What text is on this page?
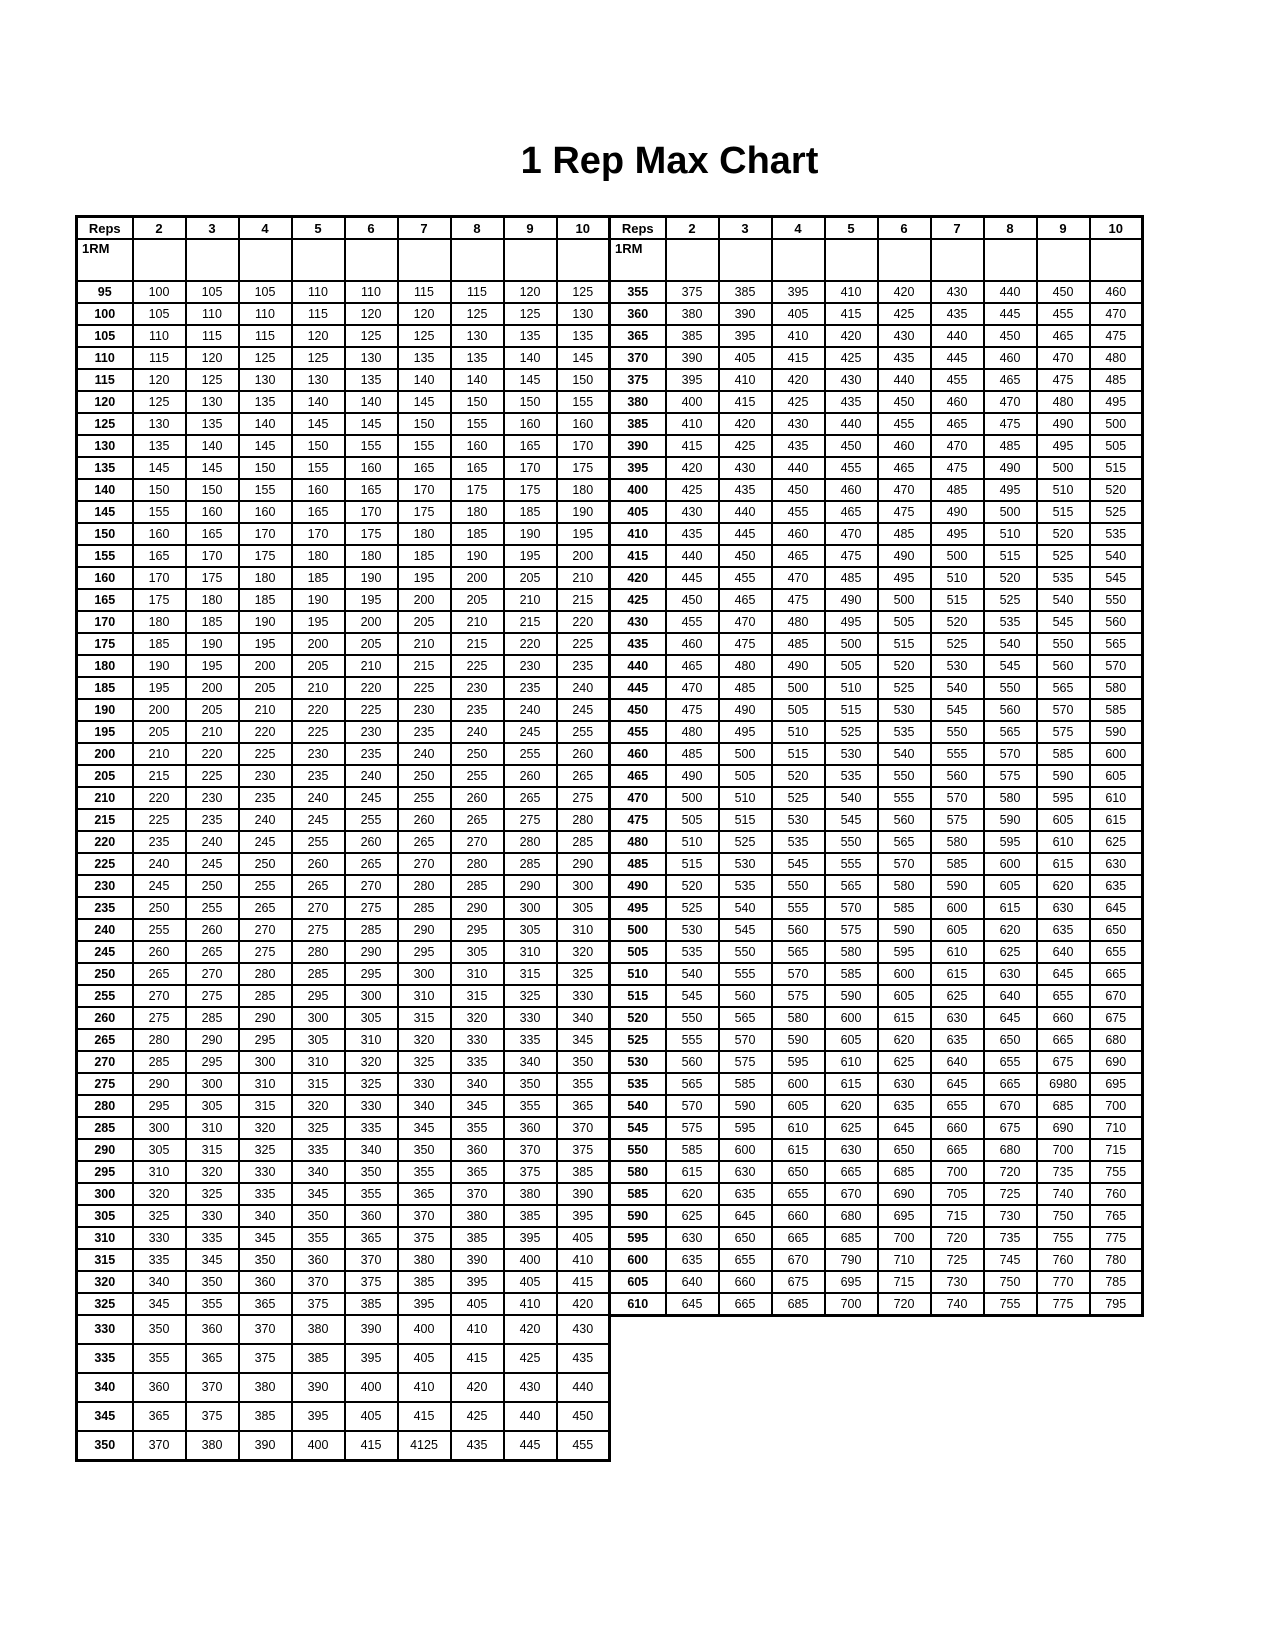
1 Rep Max Chart
Reps	2	3	4	5	6	7	8	9	10
1RM									
95	100	105	105	110	110	115	115	120	125
100	105	110	110	115	120	120	125	125	130
105	110	115	115	120	125	125	130	135	135
110	115	120	125	125	130	135	135	140	145
115	120	125	130	130	135	140	140	145	150
120	125	130	135	140	140	145	150	150	155
125	130	135	140	145	145	150	155	160	160
130	135	140	145	150	155	155	160	165	170
135	145	145	150	155	160	165	165	170	175
140	150	150	155	160	165	170	175	175	180
145	155	160	160	165	170	175	180	185	190
150	160	165	170	170	175	180	185	190	195
155	165	170	175	180	180	185	190	195	200
160	170	175	180	185	190	195	200	205	210
165	175	180	185	190	195	200	205	210	215
170	180	185	190	195	200	205	210	215	220
175	185	190	195	200	205	210	215	220	225
180	190	195	200	205	210	215	225	230	235
185	195	200	205	210	220	225	230	235	240
190	200	205	210	220	225	230	235	240	245
195	205	210	220	225	230	235	240	245	255
200	210	220	225	230	235	240	250	255	260
205	215	225	230	235	240	250	255	260	265
210	220	230	235	240	245	255	260	265	275
215	225	235	240	245	255	260	265	275	280
220	235	240	245	255	260	265	270	280	285
225	240	245	250	260	265	270	280	285	290
230	245	250	255	265	270	280	285	290	300
235	250	255	265	270	275	285	290	300	305
240	255	260	270	275	285	290	295	305	310
245	260	265	275	280	290	295	305	310	320
250	265	270	280	285	295	300	310	315	325
255	270	275	285	295	300	310	315	325	330
260	275	285	290	300	305	315	320	330	340
265	280	290	295	305	310	320	330	335	345
270	285	295	300	310	320	325	335	340	350
275	290	300	310	315	325	330	340	350	355
280	295	305	315	320	330	340	345	355	365
285	300	310	320	325	335	345	355	360	370
290	305	315	325	335	340	350	360	370	375
295	310	320	330	340	350	355	365	375	385
300	320	325	335	345	355	365	370	380	390
305	325	330	340	350	360	370	380	385	395
310	330	335	345	355	365	375	385	395	405
315	335	345	350	360	370	380	390	400	410
320	340	350	360	370	375	385	395	405	415
325	345	355	365	375	385	395	405	410	420
330	350	360	370	380	390	400	410	420	430
335	355	365	375	385	395	405	415	425	435
340	360	370	380	390	400	410	420	430	440
345	365	375	385	395	405	415	425	440	450
350	370	380	390	400	415	4125	435	445	455
Reps	2	3	4	5	6	7	8	9	10
1RM									
355	375	385	395	410	420	430	440	450	460
360	380	390	405	415	425	435	445	455	470
365	385	395	410	420	430	440	450	465	475
370	390	405	415	425	435	445	460	470	480
375	395	410	420	430	440	455	465	475	485
380	400	415	425	435	450	460	470	480	495
385	410	420	430	440	455	465	475	490	500
390	415	425	435	450	460	470	485	495	505
395	420	430	440	455	465	475	490	500	515
400	425	435	450	460	470	485	495	510	520
405	430	440	455	465	475	490	500	515	525
410	435	445	460	470	485	495	510	520	535
415	440	450	465	475	490	500	515	525	540
420	445	455	470	485	495	510	520	535	545
425	450	465	475	490	500	515	525	540	550
430	455	470	480	495	505	520	535	545	560
435	460	475	485	500	515	525	540	550	565
440	465	480	490	505	520	530	545	560	570
445	470	485	500	510	525	540	550	565	580
450	475	490	505	515	530	545	560	570	585
455	480	495	510	525	535	550	565	575	590
460	485	500	515	530	540	555	570	585	600
465	490	505	520	535	550	560	575	590	605
470	500	510	525	540	555	570	580	595	610
475	505	515	530	545	560	575	590	605	615
480	510	525	535	550	565	580	595	610	625
485	515	530	545	555	570	585	600	615	630
490	520	535	550	565	580	590	605	620	635
495	525	540	555	570	585	600	615	630	645
500	530	545	560	575	590	605	620	635	650
505	535	550	565	580	595	610	625	640	655
510	540	555	570	585	600	615	630	645	665
515	545	560	575	590	605	625	640	655	670
520	550	565	580	600	615	630	645	660	675
525	555	570	590	605	620	635	650	665	680
530	560	575	595	610	625	640	655	675	690
535	565	585	600	615	630	645	665	6980	695
540	570	590	605	620	635	655	670	685	700
545	575	595	610	625	645	660	675	690	710
550	585	600	615	630	650	665	680	700	715
580	615	630	650	665	685	700	720	735	755
585	620	635	655	670	690	705	725	740	760
590	625	645	660	680	695	715	730	750	765
595	630	650	665	685	700	720	735	755	775
600	635	655	670	790	710	725	745	760	780
605	640	660	675	695	715	730	750	770	785
610	645	665	685	700	720	740	755	775	795
